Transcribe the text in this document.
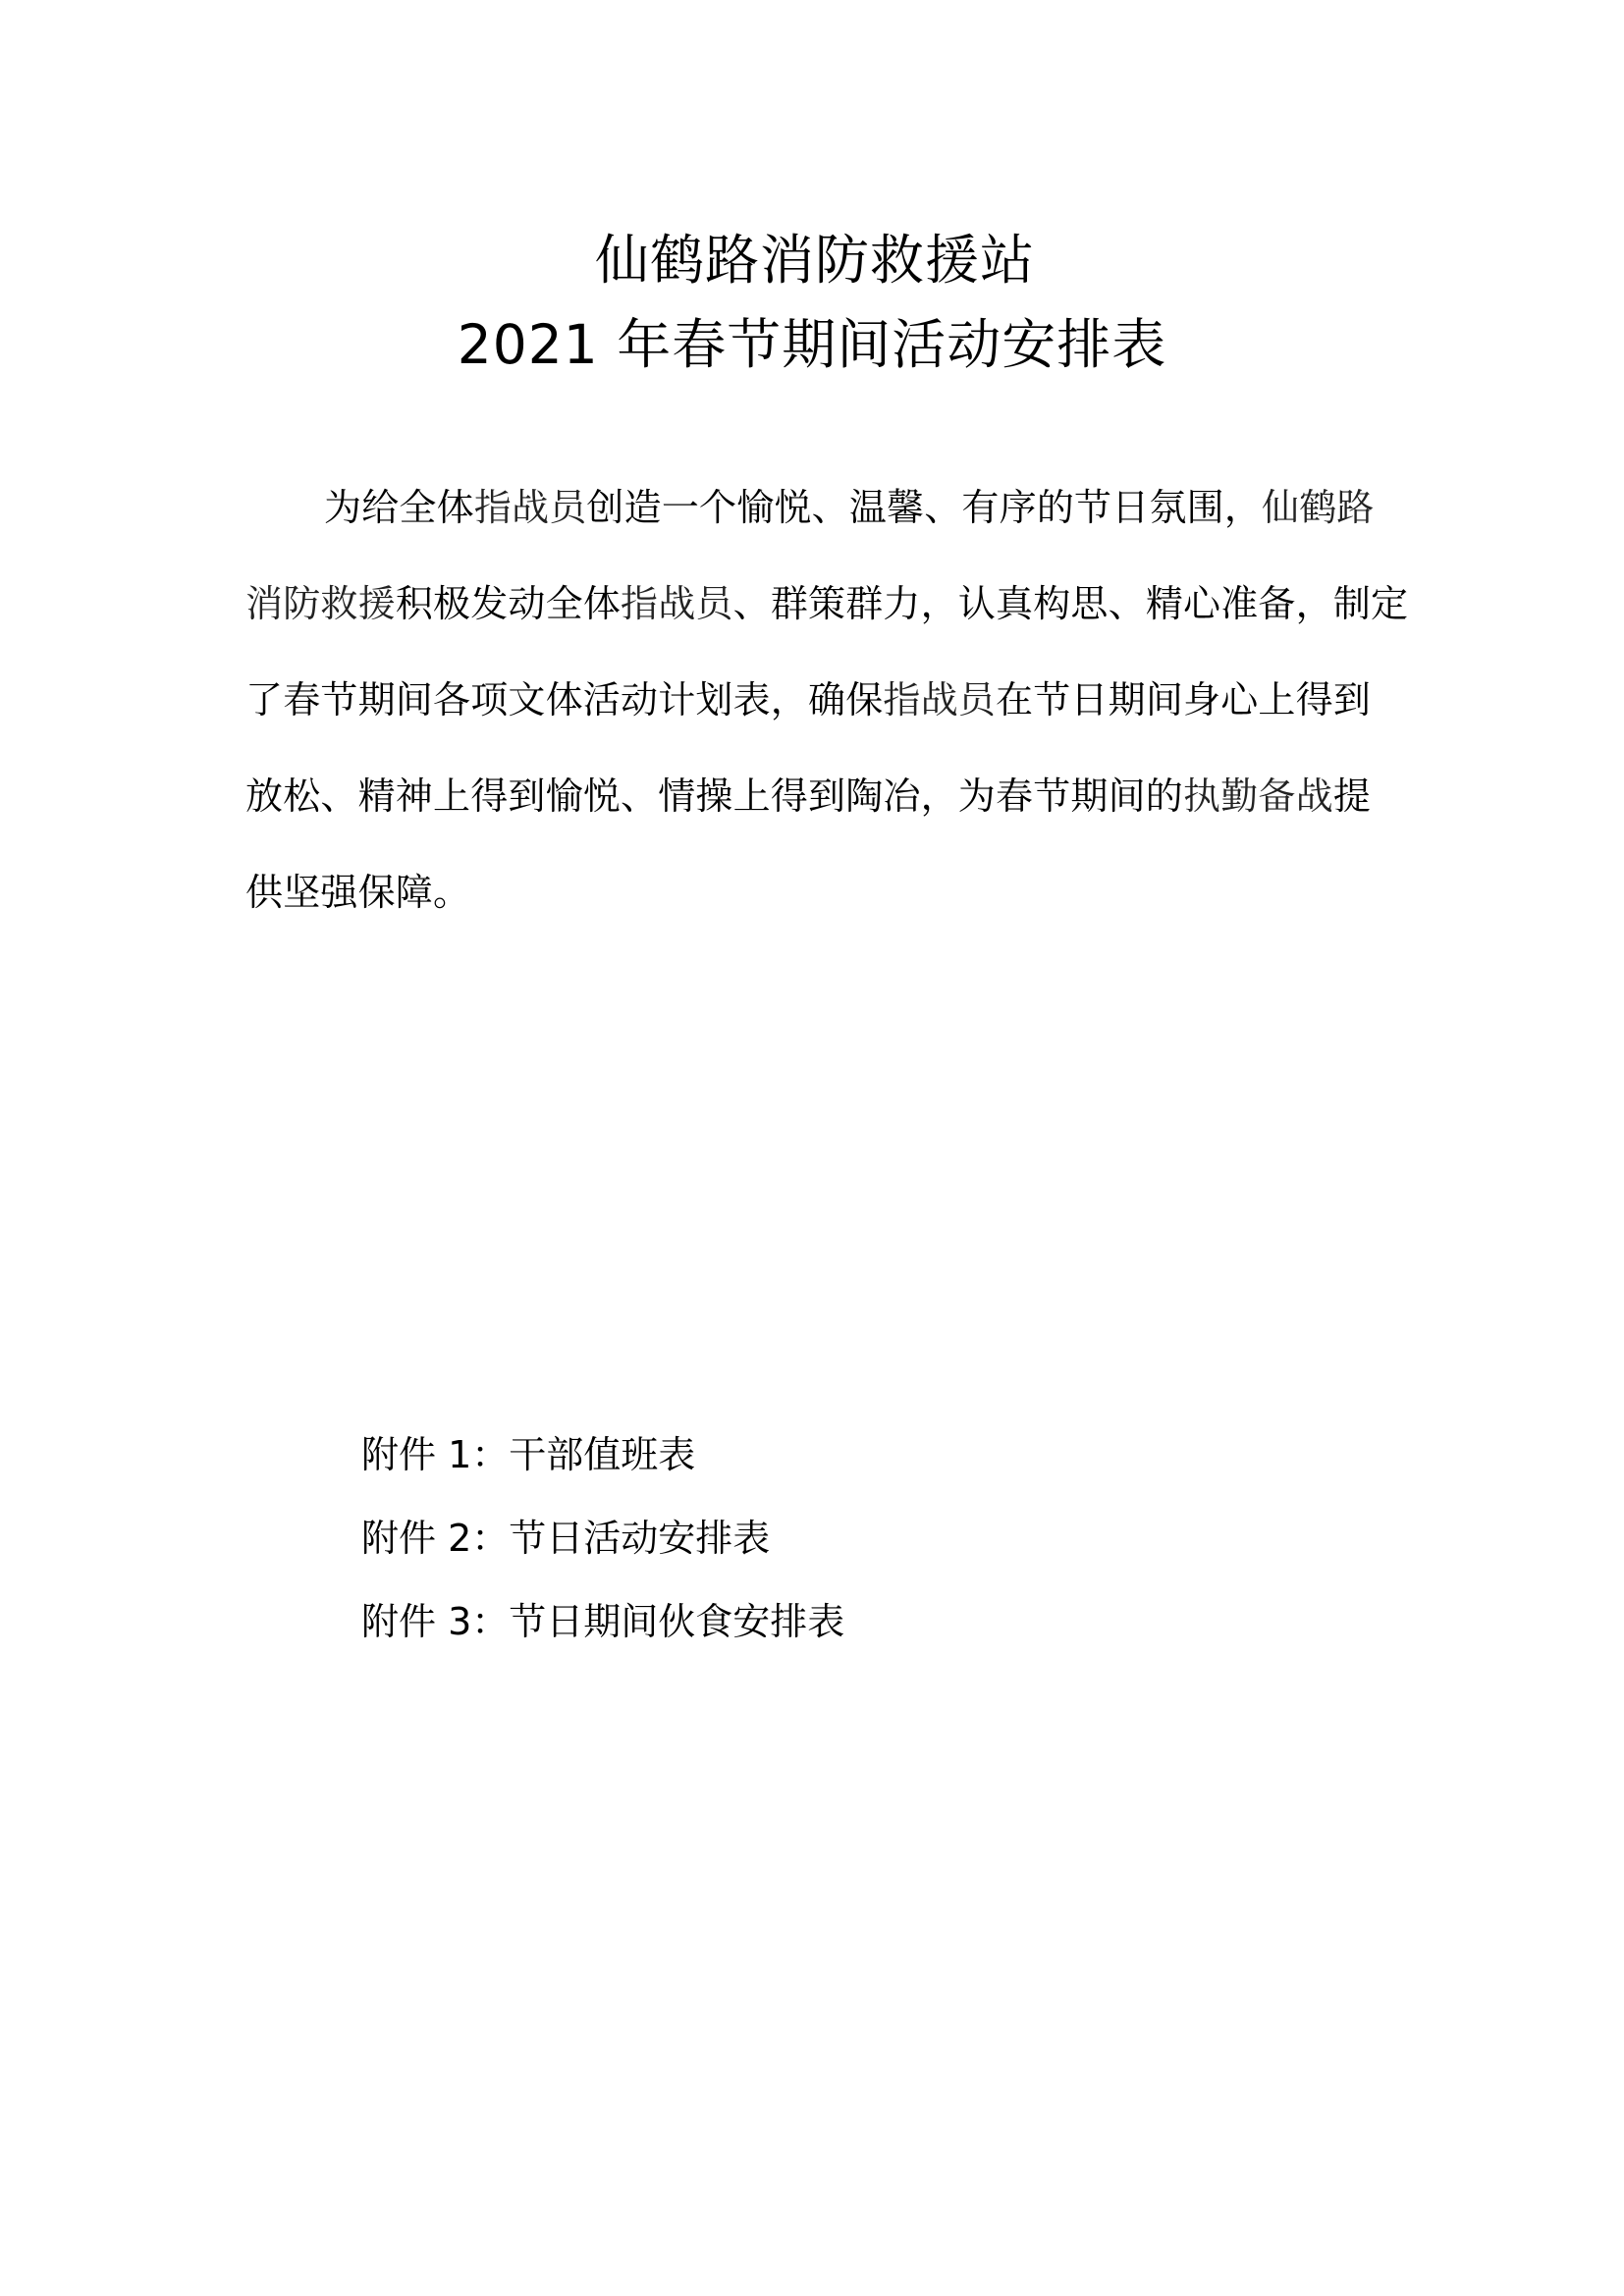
仙鹤路消防救援站
2021 年春节期间活动安排表
为给全体指战员创造一个愉悦、温馨、有序的节日氛围，仙鹤路
消防救援积极发动全体指战员、群策群力，认真构思、精心准备，制定
了春节期间各项文体活动计划表，确保指战员在节日期间身心上得到
放松、精神上得到愉悦、情操上得到陶冶，为春节期间的执勤备战提
供坚强保障。
附件 1：干部值班表
附件 2：节日活动安排表
附件 3：节日期间伙食安排表
